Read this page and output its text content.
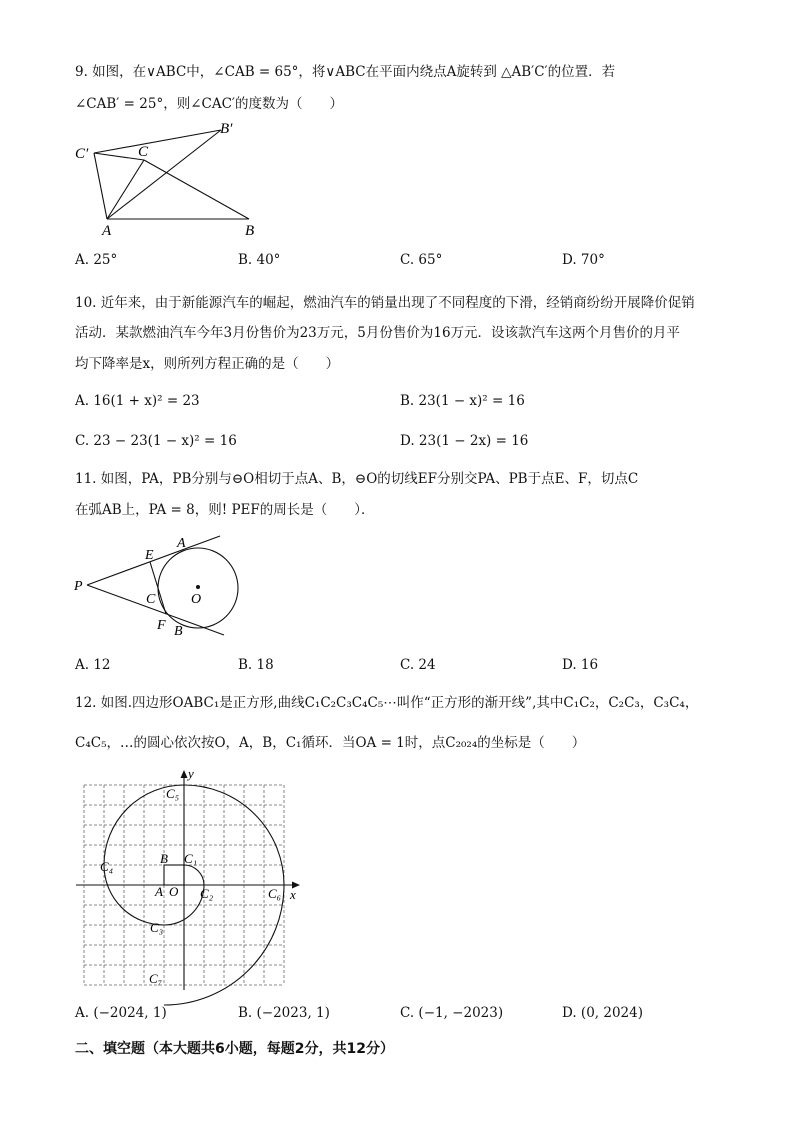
9. 如图，在∨ABC中，∠CAB = 65°，将∨ABC在平面内绕点A旋转到 △AB′C′的位置．若
∠CAB′ = 25°，则∠CAC′的度数为（　　）
C′	C
B′
A	B
A. 25°	B. 40°	C. 65°	D. 70°
10. 近年来，由于新能源汽车的崛起，燃油汽车的销量出现了不同程度的下滑，经销商纷纷开展降价促销
活动．某款燃油汽车今年3月份售价为23万元，5月份售价为16万元．设该款汽车这两个月售价的月平
均下降率是x，则所列方程正确的是（　　）
A. 16(1 + x)² = 23	B. 23(1 − x)² = 16
C. 23 − 23(1 − x)² = 16	D. 23(1 − 2x) = 16
11. 如图，PA，PB分别与⊖O相切于点A、B，⊖O的切线EF分别交PA、PB于点E、F，切点C
在弧AB上，PA = 8，则! PEF的周长是（　　）．
P
E
A
C	O
F B
A. 12	B. 18	C. 24	D. 16
12. 如图.四边形OABC₁是正方形,曲线C₁C₂C₃C₄C₅⋯叫作“正方形的渐开线”,其中C₁C₂，C₂C₃，C₃C₄，
C₄C₅，…的圆心依次按O，A，B，C₁循环．当OA = 1时，点C₂₀₂₄的坐标是（　　）
y
x
C₅
B C₁
C₄
A O C₂	C₆
C₃
C₇
A. (−2024, 1)	B. (−2023, 1)	C. (−1, −2023)	D. (0, 2024)
二、填空题（本大题共6小题，每题2分，共12分）
